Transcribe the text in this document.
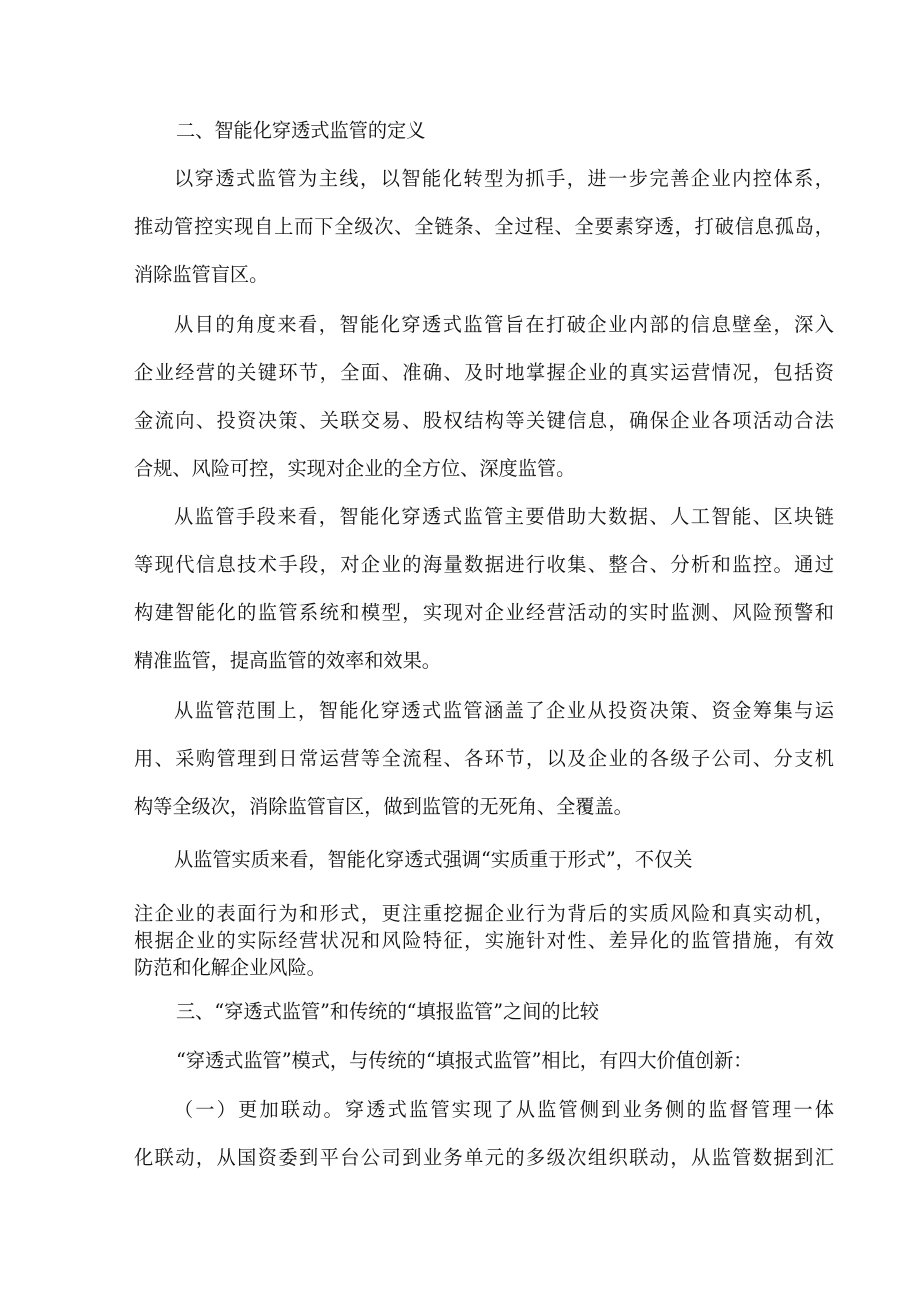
二、智能化穿透式监管的定义
以穿透式监管为主线，以智能化转型为抓手，进一步完善企业内控体系，
推动管控实现自上而下全级次、全链条、全过程、全要素穿透，打破信息孤岛，
消除监管盲区。
从目的角度来看，智能化穿透式监管旨在打破企业内部的信息壁垒，深入
企业经营的关键环节，全面、准确、及时地掌握企业的真实运营情况，包括资
金流向、投资决策、关联交易、股权结构等关键信息，确保企业各项活动合法
合规、风险可控，实现对企业的全方位、深度监管。
从监管手段来看，智能化穿透式监管主要借助大数据、人工智能、区块链
等现代信息技术手段，对企业的海量数据进行收集、整合、分析和监控。通过
构建智能化的监管系统和模型，实现对企业经营活动的实时监测、风险预警和
精准监管，提高监管的效率和效果。
从监管范围上，智能化穿透式监管涵盖了企业从投资决策、资金筹集与运
用、采购管理到日常运营等全流程、各环节，以及企业的各级子公司、分支机
构等全级次，消除监管盲区，做到监管的无死角、全覆盖。
从监管实质来看，智能化穿透式强调“实质重于形式”，不仅关
注企业的表面行为和形式，更注重挖掘企业行为背后的实质风险和真实动机，
根据企业的实际经营状况和风险特征，实施针对性、差异化的监管措施，有效
防范和化解企业风险。
三、“穿透式监管”和传统的“填报监管”之间的比较
“穿透式监管”模式，与传统的“填报式监管”相比，有四大价值创新：
（一）更加联动。穿透式监管实现了从监管侧到业务侧的监督管理一体
化联动，从国资委到平台公司到业务单元的多级次组织联动，从监管数据到汇
